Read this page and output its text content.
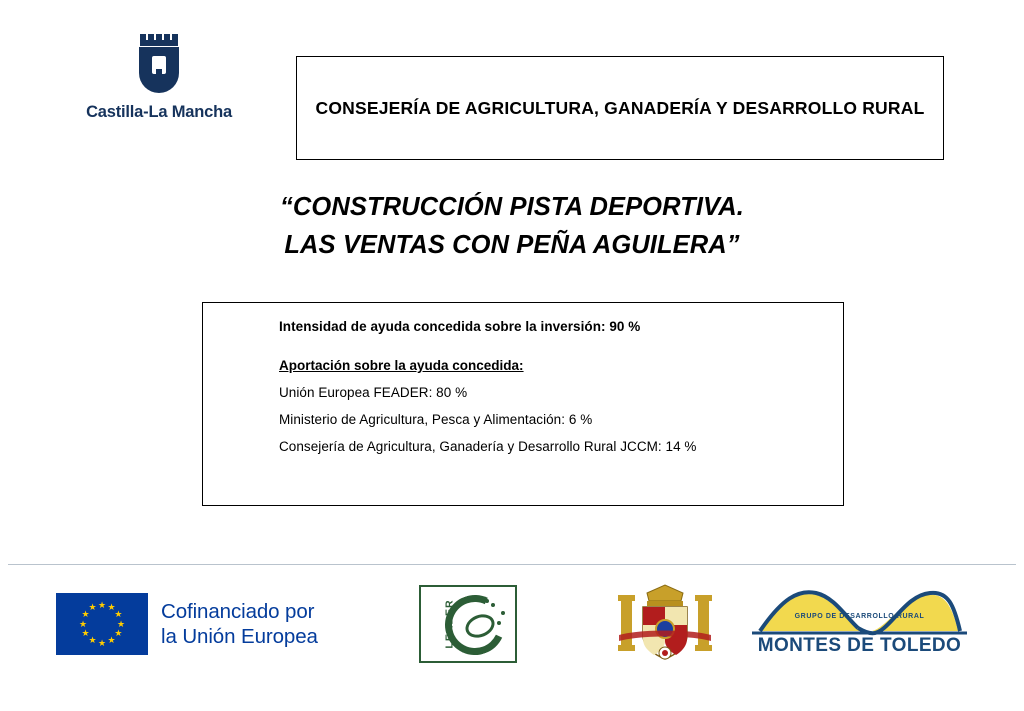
Castilla-La Mancha	CONSEJERÍA DE AGRICULTURA, GANADERÍA Y DESARROLLO RURAL
“CONSTRUCCIÓN PISTA DEPORTIVA.
LAS VENTAS CON PEÑA AGUILERA”

Intensidad de ayuda concedida sobre la inversión: 90 %

Aportación sobre la ayuda concedida:

Unión Europea FEADER: 80 %

Ministerio de Agricultura, Pesca y Alimentación: 6 %

Consejería de Agricultura, Ganadería y Desarrollo Rural JCCM: 14 %

★ ★
★
★
★
★
★
★
★
★
★
★	Cofinanciado por
la Unión Europea	LEADER	GRUPO DE DESARROLLO RURAL
MONTES DE TOLEDO
